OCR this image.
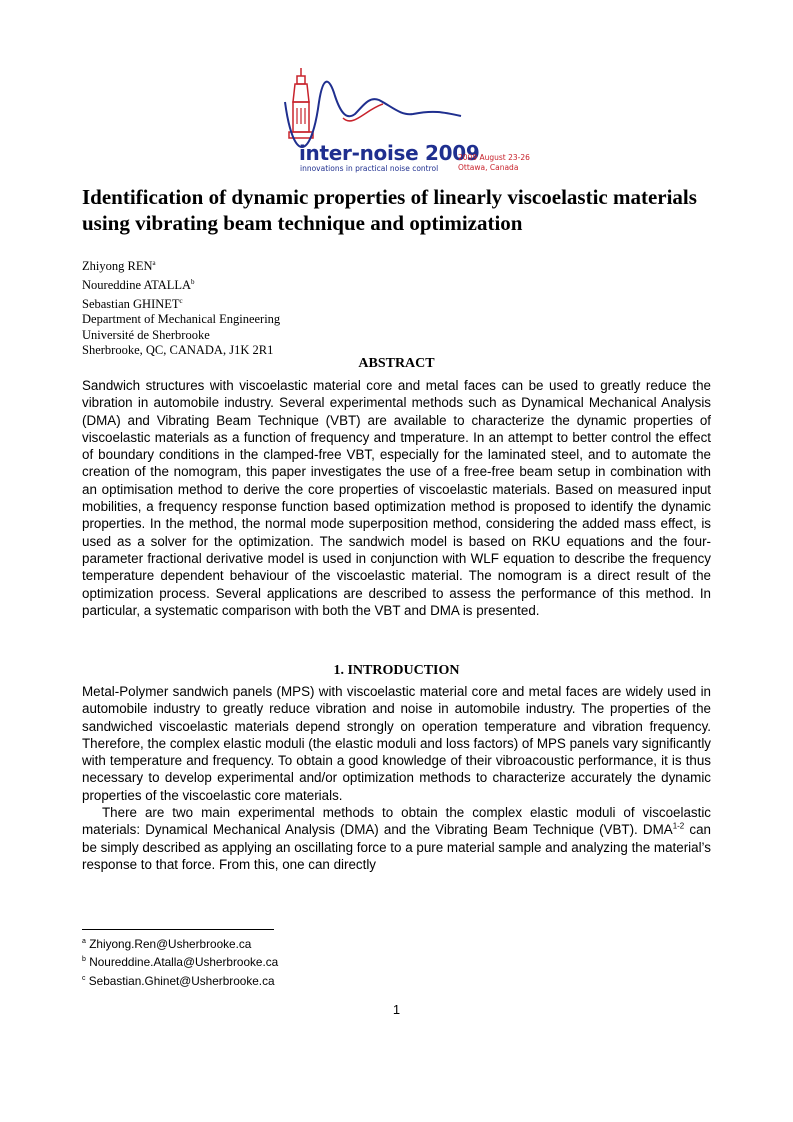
inter-noise 2009
innovations in practical noise control
2009 August 23-26
Ottawa, Canada
Identification of dynamic properties of linearly viscoelastic materials using vibrating beam technique and optimization
Zhiyong REN$^a$
Noureddine ATALLA$^b$
Sebastian GHINET$^c$
Department of Mechanical Engineering
Université de Sherbrooke
Sherbrooke, QC, CANADA, J1K 2R1
ABSTRACT

Sandwich structures with viscoelastic material core and metal faces can be used to greatly reduce the vibration in automobile industry. Several experimental methods such as Dynamical Mechanical Analysis (DMA) and Vibrating Beam Technique (VBT) are available to characterize the dynamic properties of viscoelastic materials as a function of frequency and tmperature. In an attempt to better control the effect of boundary conditions in the clamped-free VBT, especially for the laminated steel, and to automate the creation of the nomogram, this paper investigates the use of a free-free beam setup in combination with an optimisation method to derive the core properties of viscoelastic materials. Based on measured input mobilities, a frequency response function based optimization method is proposed to identify the dynamic properties. In the method, the normal mode superposition method, considering the added mass effect, is used as a solver for the optimization. The sandwich model is based on RKU equations and the four-parameter fractional derivative model is used in conjunction with WLF equation to describe the frequency temperature dependent behaviour of the viscoelastic material. The nomogram is a direct result of the optimization process. Several applications are described to assess the performance of this method. In particular, a systematic comparison with both the VBT and DMA is presented.

1. INTRODUCTION

Metal-Polymer sandwich panels (MPS) with viscoelastic material core and metal faces are widely used in automobile industry to greatly reduce vibration and noise in automobile industry. The properties of the sandwiched viscoelastic materials depend strongly on operation temperature and vibration frequency. Therefore, the complex elastic moduli (the elastic moduli and loss factors) of MPS panels vary significantly with temperature and frequency. To obtain a good knowledge of their vibroacoustic performance, it is thus necessary to develop experimental and/or optimization methods to characterize accurately the dynamic properties of the viscoelastic core materials.

There are two main experimental methods to obtain the complex elastic moduli of viscoelastic materials: Dynamical Mechanical Analysis (DMA) and the Vibrating Beam Technique (VBT). DMA$^{1-2}$ can be simply described as applying an oscillating force to a pure material sample and analyzing the material’s response to that force. From this, one can directly

$^a$ Zhiyong.Ren@Usherbrooke.ca
$^b$ Noureddine.Atalla@Usherbrooke.ca
$^c$ Sebastian.Ghinet@Usherbrooke.ca
1
